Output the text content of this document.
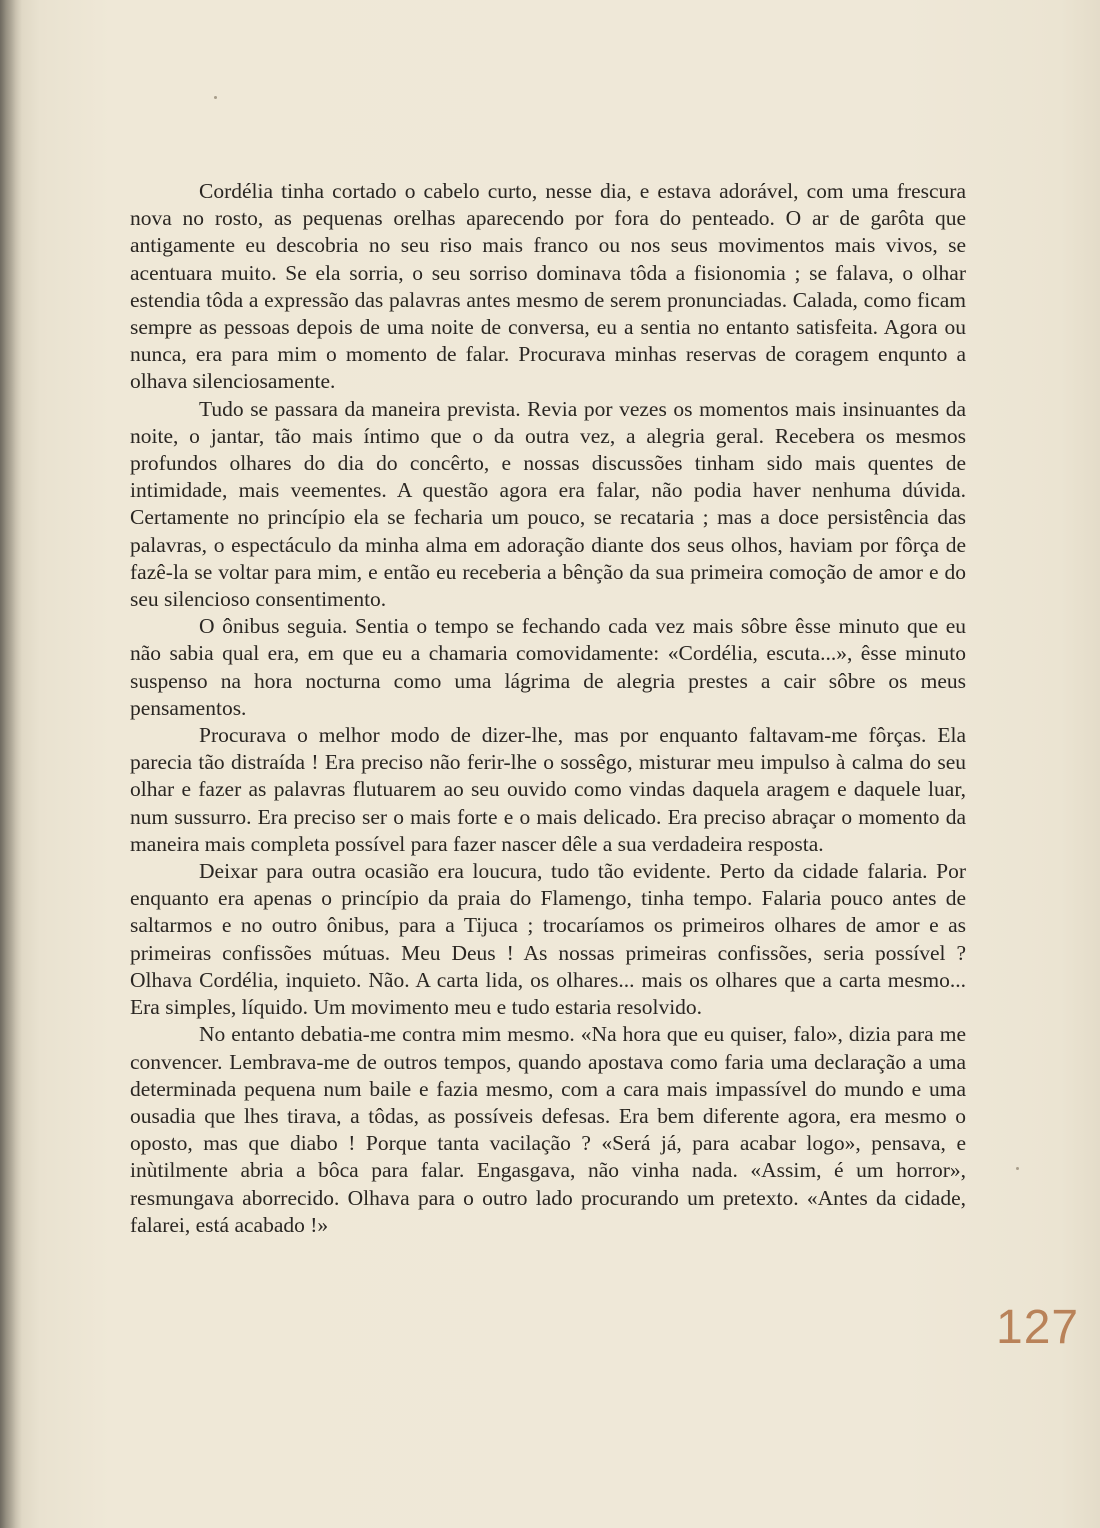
Cordélia tinha cortado o cabelo curto, nesse dia, e estava adorável, com uma frescura nova no rosto, as pequenas orelhas aparecendo por fora do penteado. O ar de garôta que antigamente eu descobria no seu riso mais franco ou nos seus movimentos mais vivos, se acentuara muito. Se ela sorria, o seu sorriso dominava tôda a fisionomia ; se falava, o olhar estendia tôda a expressão das palavras antes mesmo de serem pronunciadas. Calada, como ficam sempre as pessoas depois de uma noite de conversa, eu a sentia no entanto satisfeita. Agora ou nunca, era para mim o momento de falar. Procurava minhas reservas de coragem enqunto a olhava silenciosamente.

Tudo se passara da maneira prevista. Revia por vezes os momentos mais insinuantes da noite, o jantar, tão mais íntimo que o da outra vez, a alegria geral. Recebera os mesmos profundos olhares do dia do concêrto, e nossas discussões tinham sido mais quentes de intimidade, mais veementes. A questão agora era falar, não podia haver nenhuma dúvida. Certamente no princípio ela se fecharia um pouco, se recataria ; mas a doce persistência das palavras, o espectáculo da minha alma em adoração diante dos seus olhos, haviam por fôrça de fazê-la se voltar para mim, e então eu receberia a bênção da sua primeira comoção de amor e do seu silencioso consentimento.

O ônibus seguia. Sentia o tempo se fechando cada vez mais sôbre êsse minuto que eu não sabia qual era, em que eu a chamaria comovidamente: «Cordélia, escuta...», êsse minuto suspenso na hora nocturna como uma lágrima de alegria prestes a cair sôbre os meus pensamentos.

Procurava o melhor modo de dizer-lhe, mas por enquanto faltavam-me fôrças. Ela parecia tão distraída ! Era preciso não ferir-lhe o sossêgo, misturar meu impulso à calma do seu olhar e fazer as palavras flutuarem ao seu ouvido como vindas daquela aragem e daquele luar, num sussurro. Era preciso ser o mais forte e o mais delicado. Era preciso abraçar o momento da maneira mais completa possível para fazer nascer dêle a sua verdadeira resposta.

Deixar para outra ocasião era loucura, tudo tão evidente. Perto da cidade falaria. Por enquanto era apenas o princípio da praia do Flamengo, tinha tempo. Falaria pouco antes de saltarmos e no outro ônibus, para a Tijuca ; trocaríamos os primeiros olhares de amor e as primeiras confissões mútuas. Meu Deus ! As nossas primeiras confissões, seria possível ? Olhava Cordélia, inquieto. Não. A carta lida, os olhares... mais os olhares que a carta mesmo... Era simples, líquido. Um movimento meu e tudo estaria resolvido.

No entanto debatia-me contra mim mesmo. «Na hora que eu quiser, falo», dizia para me convencer. Lembrava-me de outros tempos, quando apostava como faria uma declaração a uma determinada pequena num baile e fazia mesmo, com a cara mais impassível do mundo e uma ousadia que lhes tirava, a tôdas, as possíveis defesas. Era bem diferente agora, era mesmo o oposto, mas que diabo ! Porque tanta vacilação ? «Será já, para acabar logo», pensava, e inùtilmente abria a bôca para falar. Engasgava, não vinha nada. «Assim, é um horror», resmungava aborrecido. Olhava para o outro lado procurando um pretexto. «Antes da cidade, falarei, está acabado !»

127
